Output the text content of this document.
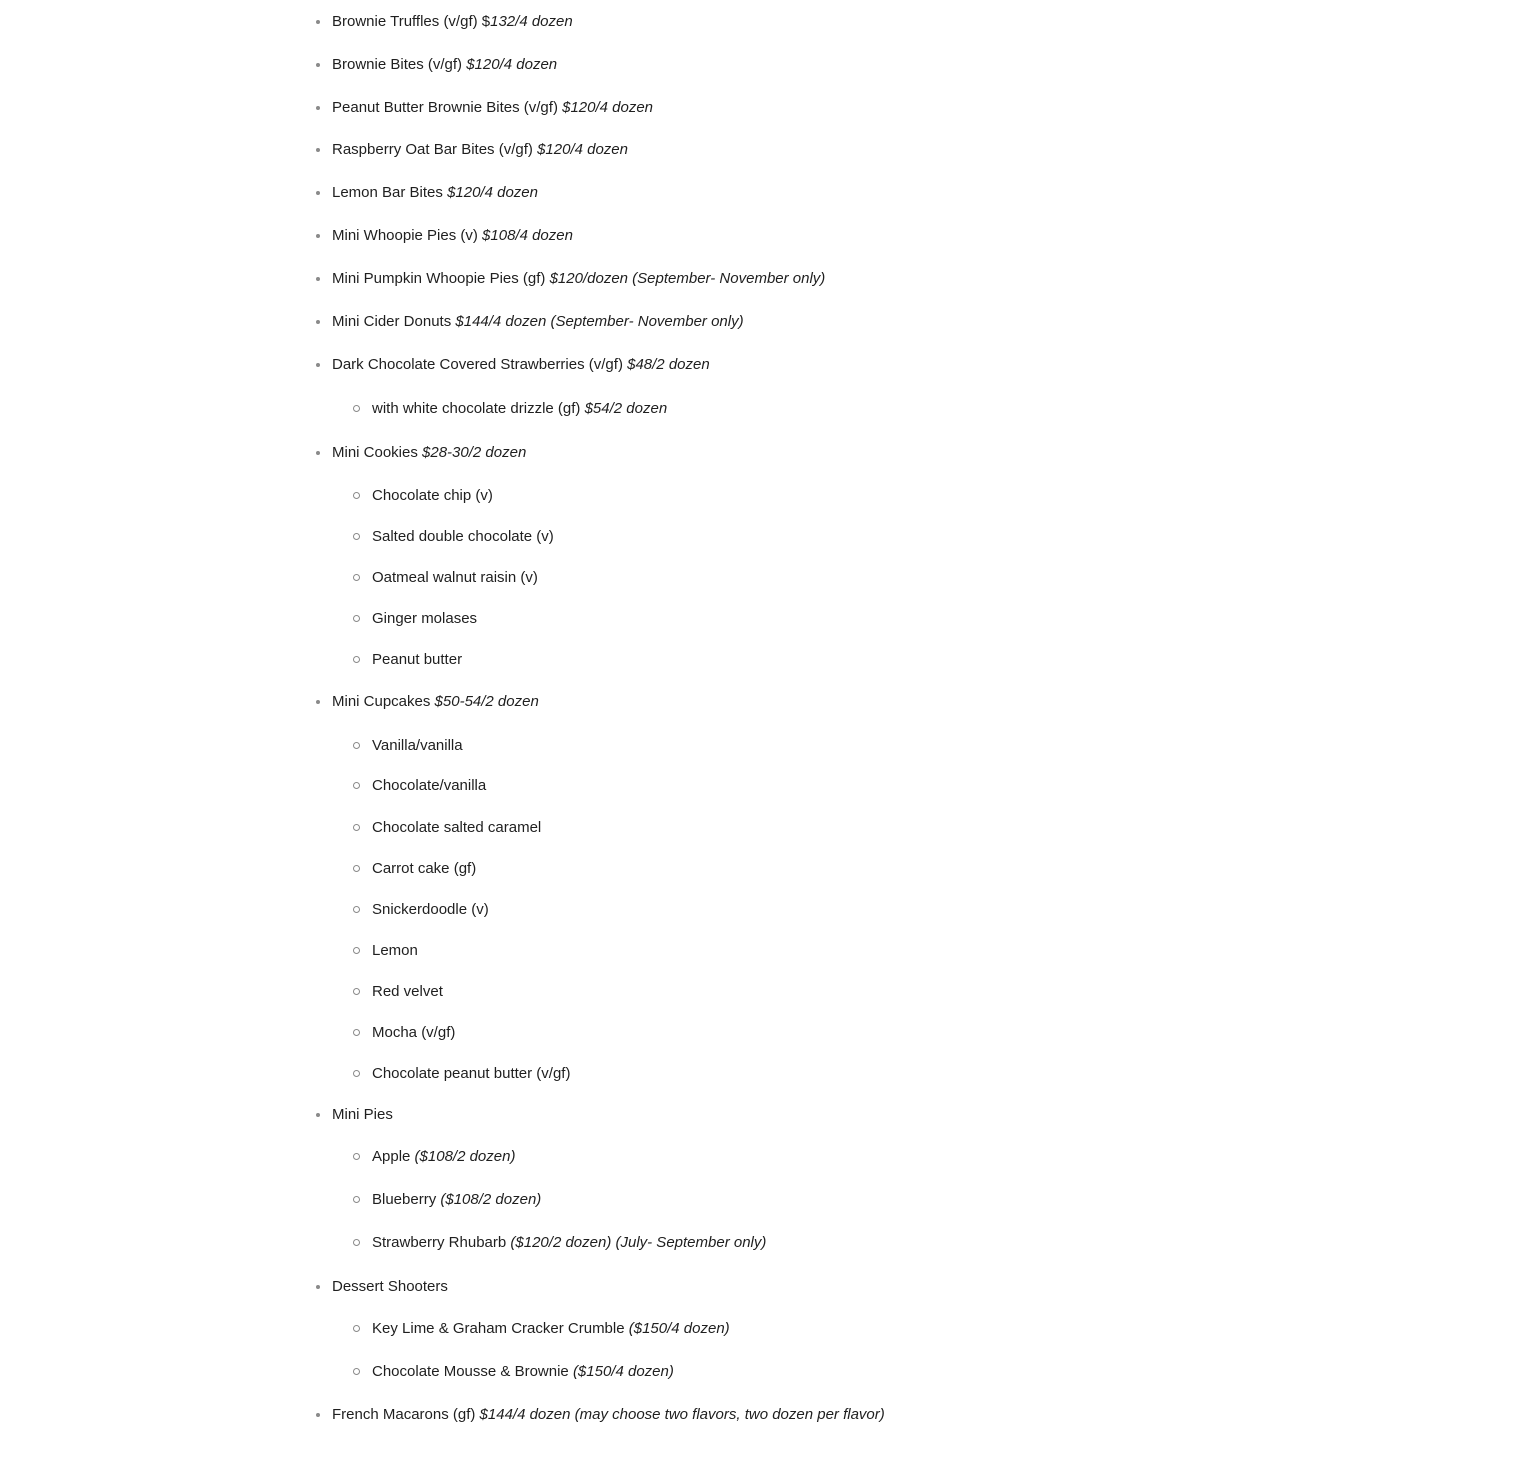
Brownie Truffles (v/gf) $132/4 dozen
Brownie Bites (v/gf) $120/4 dozen
Peanut Butter Brownie Bites (v/gf) $120/4 dozen
Raspberry Oat Bar Bites (v/gf) $120/4 dozen
Lemon Bar Bites $120/4 dozen
Mini Whoopie Pies (v) $108/4 dozen
Mini Pumpkin Whoopie Pies (gf) $120/dozen (September- November only)
Mini Cider Donuts $144/4 dozen (September- November only)
Dark Chocolate Covered Strawberries (v/gf) $48/2 dozen
with white chocolate drizzle (gf) $54/2 dozen
Mini Cookies $28-30/2 dozen
Chocolate chip (v)
Salted double chocolate (v)
Oatmeal walnut raisin (v)
Ginger molases
Peanut butter
Mini Cupcakes $50-54/2 dozen
Vanilla/vanilla
Chocolate/vanilla
Chocolate salted caramel
Carrot cake (gf)
Snickerdoodle (v)
Lemon
Red velvet
Mocha (v/gf)
Chocolate peanut butter (v/gf)
Mini Pies
Apple ($108/2 dozen)
Blueberry ($108/2 dozen)
Strawberry Rhubarb ($120/2 dozen) (July- September only)
Dessert Shooters
Key Lime & Graham Cracker Crumble ($150/4 dozen)
Chocolate Mousse & Brownie ($150/4 dozen)
French Macarons (gf) $144/4 dozen (may choose two flavors, two dozen per flavor)
